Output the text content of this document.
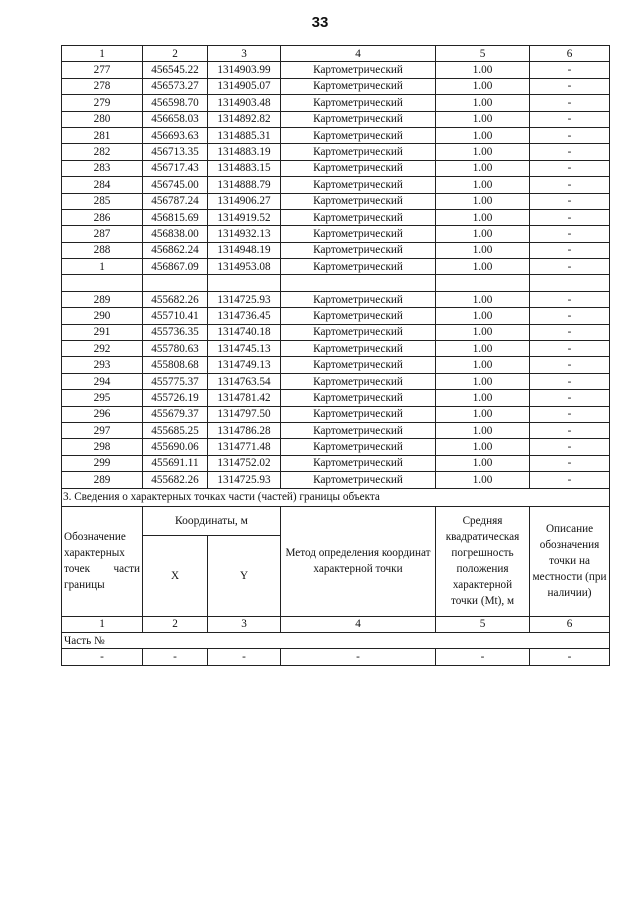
33
1	2	3	4	5	6
277	456545.22	1314903.99	Картометрический	1.00	-
278	456573.27	1314905.07	Картометрический	1.00	-
279	456598.70	1314903.48	Картометрический	1.00	-
280	456658.03	1314892.82	Картометрический	1.00	-
281	456693.63	1314885.31	Картометрический	1.00	-
282	456713.35	1314883.19	Картометрический	1.00	-
283	456717.43	1314883.15	Картометрический	1.00	-
284	456745.00	1314888.79	Картометрический	1.00	-
285	456787.24	1314906.27	Картометрический	1.00	-
286	456815.69	1314919.52	Картометрический	1.00	-
287	456838.00	1314932.13	Картометрический	1.00	-
288	456862.24	1314948.19	Картометрический	1.00	-
1	456867.09	1314953.08	Картометрический	1.00	-

289	455682.26	1314725.93	Картометрический	1.00	-
290	455710.41	1314736.45	Картометрический	1.00	-
291	455736.35	1314740.18	Картометрический	1.00	-
292	455780.63	1314745.13	Картометрический	1.00	-
293	455808.68	1314749.13	Картометрический	1.00	-
294	455775.37	1314763.54	Картометрический	1.00	-
295	455726.19	1314781.42	Картометрический	1.00	-
296	455679.37	1314797.50	Картометрический	1.00	-
297	455685.25	1314786.28	Картометрический	1.00	-
298	455690.06	1314771.48	Картометрический	1.00	-
299	455691.11	1314752.02	Картометрический	1.00	-
289	455682.26	1314725.93	Картометрический	1.00	-
3. Сведения о характерных точках части (частей) границы объекта					
Обозначение характерных точек части границы	Координаты, м		Метод определения координат характерной точки	Средняя квадратическая погрешность положения характерной точки (Mt), м	Описание обозначения точки на местности (при наличии)
	X	Y			
1	2	3	4	5	6
Часть №					
-	-	-	-	-	-
